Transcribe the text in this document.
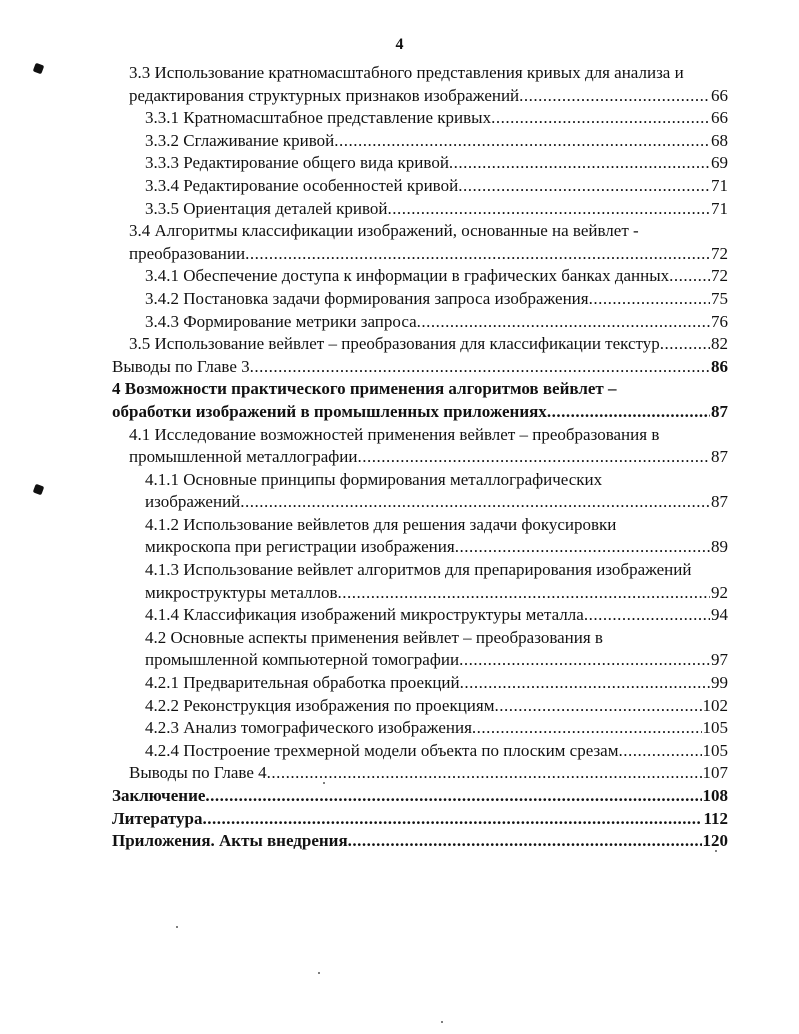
4
3.3 Использование кратномасштабного представления кривых для анализа и
редактирования структурных признаков изображений .....	66
3.3.1 Кратномасштабное представление кривых .....	66
3.3.2 Сглаживание кривой .....	68
3.3.3 Редактирование общего вида кривой .....	69
3.3.4 Редактирование особенностей кривой .....	71
3.3.5 Ориентация деталей кривой .....	71
3.4 Алгоритмы классификации изображений, основанные на вейвлет -
преобразовании .....	72
3.4.1 Обеспечение доступа к информации в графических банках данных ..... 72
3.4.2 Постановка задачи формирования запроса изображения .....	75
3.4.3 Формирование метрики запроса .....	76
3.5 Использование вейвлет – преобразования для классификации текстур .....	82
Выводы по Главе 3 .....	86
4 Возможности практического применения алгоритмов вейвлет –
обработки изображений в промышленных приложениях .....	87
4.1 Исследование возможностей применения вейвлет – преобразования в
промышленной металлографии .....	87
4.1.1 Основные принципы формирования металлографических
изображений .....	87
4.1.2 Использование вейвлетов для решения задачи фокусировки
микроскопа при регистрации изображения .....	89
4.1.3 Использование вейвлет алгоритмов для препарирования изображений
микроструктуры металлов .....	92
4.1.4 Классификация изображений микроструктуры металла .....	94
4.2 Основные аспекты применения вейвлет – преобразования в
промышленной компьютерной томографии .....	97
4.2.1 Предварительная обработка проекций .....	99
4.2.2 Реконструкция изображения по проекциям .....	102
4.2.3 Анализ томографического изображения .....	105
4.2.4 Построение трехмерной модели объекта по плоским срезам .....	105
Выводы по Главе 4 .....	107
Заключение .....	108
Литература .....	112
Приложения. Акты внедрения .....	120
